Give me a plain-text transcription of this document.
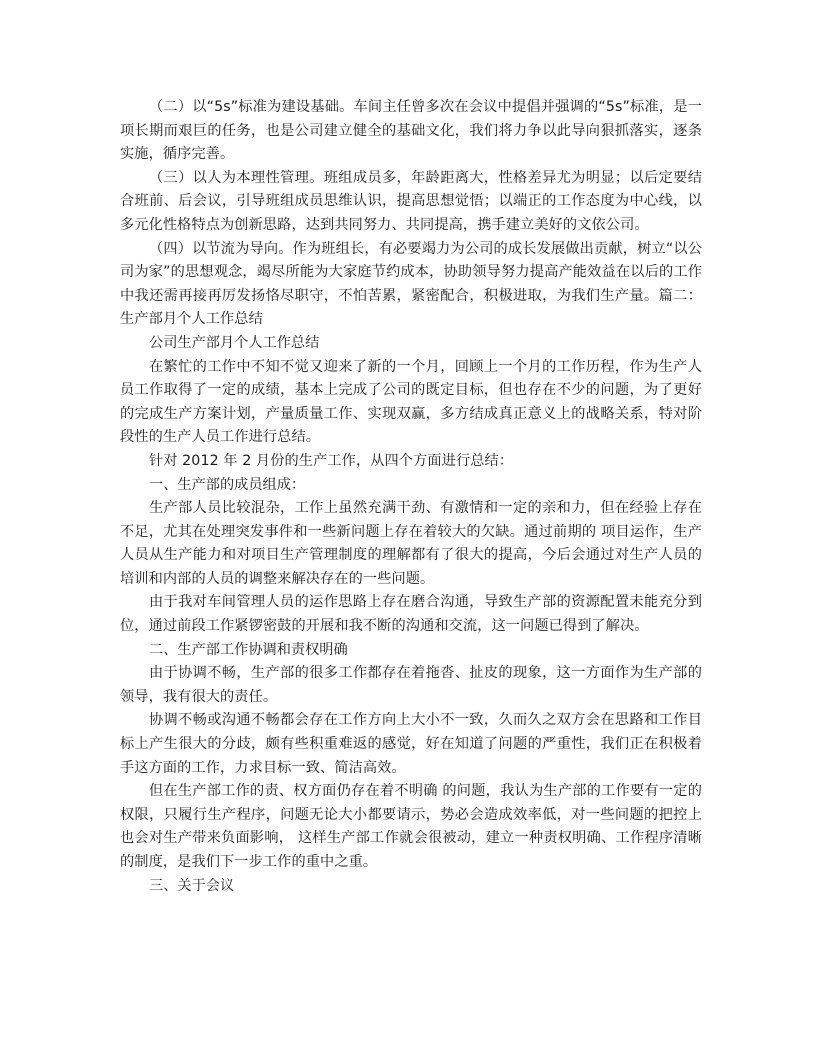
（二）以“5s”标准为建设基础。车间主任曾多次在会议中提倡并强调的“5s”标准，是一项长期而艰巨的任务，也是公司建立健全的基础文化，我们将力争以此导向狠抓落实，逐条实施，循序完善。

（三）以人为本理性管理。班组成员多，年龄距离大，性格差异尤为明显；以后定要结合班前、后会议，引导班组成员思维认识，提高思想觉悟；以端正的工作态度为中心线，以多元化性格特点为创新思路，达到共同努力、共同提高，携手建立美好的文依公司。

（四）以节流为导向。作为班组长，有必要竭力为公司的成长发展做出贡献，树立“以公司为家”的思想观念，竭尽所能为大家庭节约成本，协助领导努力提高产能效益在以后的工作中我还需再接再厉发扬恪尽职守，不怕苦累，紧密配合，积极进取，为我们生产量。篇二：生产部月个人工作总结

公司生产部月个人工作总结

在繁忙的工作中不知不觉又迎来了新的一个月，回顾上一个月的工作历程，作为生产人员工作取得了一定的成绩，基本上完成了公司的既定目标，但也存在不少的问题，为了更好的完成生产方案计划，产量质量工作、实现双赢，多方结成真正意义上的战略关系，特对阶段性的生产人员工作进行总结。

针对 2012 年 2 月份的生产工作，从四个方面进行总结：

一、生产部的成员组成：

生产部人员比较混杂，工作上虽然充满干劲、有激情和一定的亲和力，但在经验上存在不足，尤其在处理突发事件和一些新问题上存在着较大的欠缺。通过前期的 项目运作，生产人员从生产能力和对项目生产管理制度的理解都有了很大的提高，今后会通过对生产人员的培训和内部的人员的调整来解决存在的一些问题。

由于我对车间管理人员的运作思路上存在磨合沟通，导致生产部的资源配置未能充分到位，通过前段工作紧锣密鼓的开展和我不断的沟通和交流，这一问题已得到了解决。

二、生产部工作协调和责权明确

由于协调不畅，生产部的很多工作都存在着拖沓、扯皮的现象，这一方面作为生产部的领导，我有很大的责任。

协调不畅或沟通不畅都会存在工作方向上大小不一致，久而久之双方会在思路和工作目标上产生很大的分歧，颇有些积重难返的感觉，好在知道了问题的严重性，我们正在积极着手这方面的工作，力求目标一致、简洁高效。

但在生产部工作的责、权方面仍存在着不明确 的问题，我认为生产部的工作要有一定的权限，只履行生产程序，问题无论大小都要请示，势必会造成效率低，对一些问题的把控上也会对生产带来负面影响， 这样生产部工作就会很被动，建立一种责权明确、工作程序清晰的制度，是我们下一步工作的重中之重。

三、关于会议
